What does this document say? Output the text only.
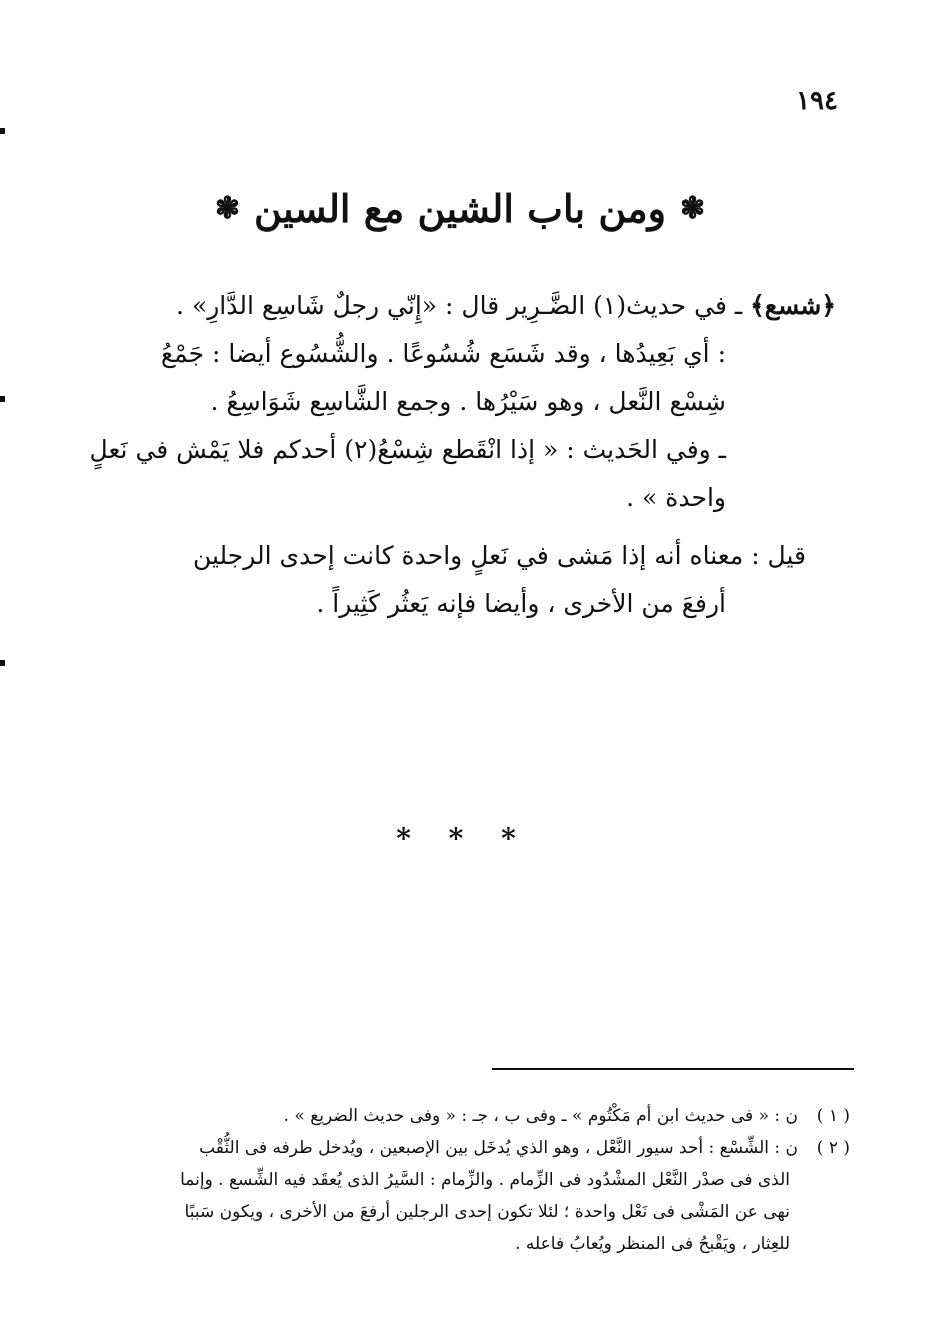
١٩٤
❃
ومن باب الشين مع السين
❃
﴿شسع﴾ ـ في حديث(١) الضَّـرِير قال : «إِنّي رجلٌ شَاسِع الدَّارِ» .
: أي بَعِيدُها ، وقد شَسَع شُسُوعًا . والشُّسُوع أيضا : جَمْعُ
شِسْع النَّعل ، وهو سَيْرُها . وجمع الشَّاسِع شَوَاسِعُ .
ـ وفي الحَديث : « إذا انْقَطع شِسْعُ(٢) أحدكم فلا يَمْش في نَعلٍ
واحدة » .
قيل : معناه أنه إذا مَشى في نَعلٍ واحدة كانت إحدى الرجلين
أرفعَ من الأخرى ، وأيضا فإنه يَعثُر كَثِيراً .
* * *
( ١ )
ن : « فى حديث ابن أم مَكْتُوم » ـ وفى ب ، جـ : « وفى حديث الضريع » .
( ٢ )
ن : الشِّسْع : أحد سيور النَّعْل ، وهو الذي يُدخَل بين الإصبعين ، ويُدخل طرفه فى الثُّقْب
الذى فى صدْر النَّعْل المشْدُود فى الزِّمام . والزِّمام : السَّيرُ الذى يُعقَد فيه الشِّسع . وإنما
نهى عن المَشْى فى نَعْل واحدة ؛ لئلا تكون إحدى الرجلين أرفعَ من الأخرى ، ويكون سَببًا
للعِثار ، ويَقْبحُ فى المنظر ويُعابُ فاعله .
